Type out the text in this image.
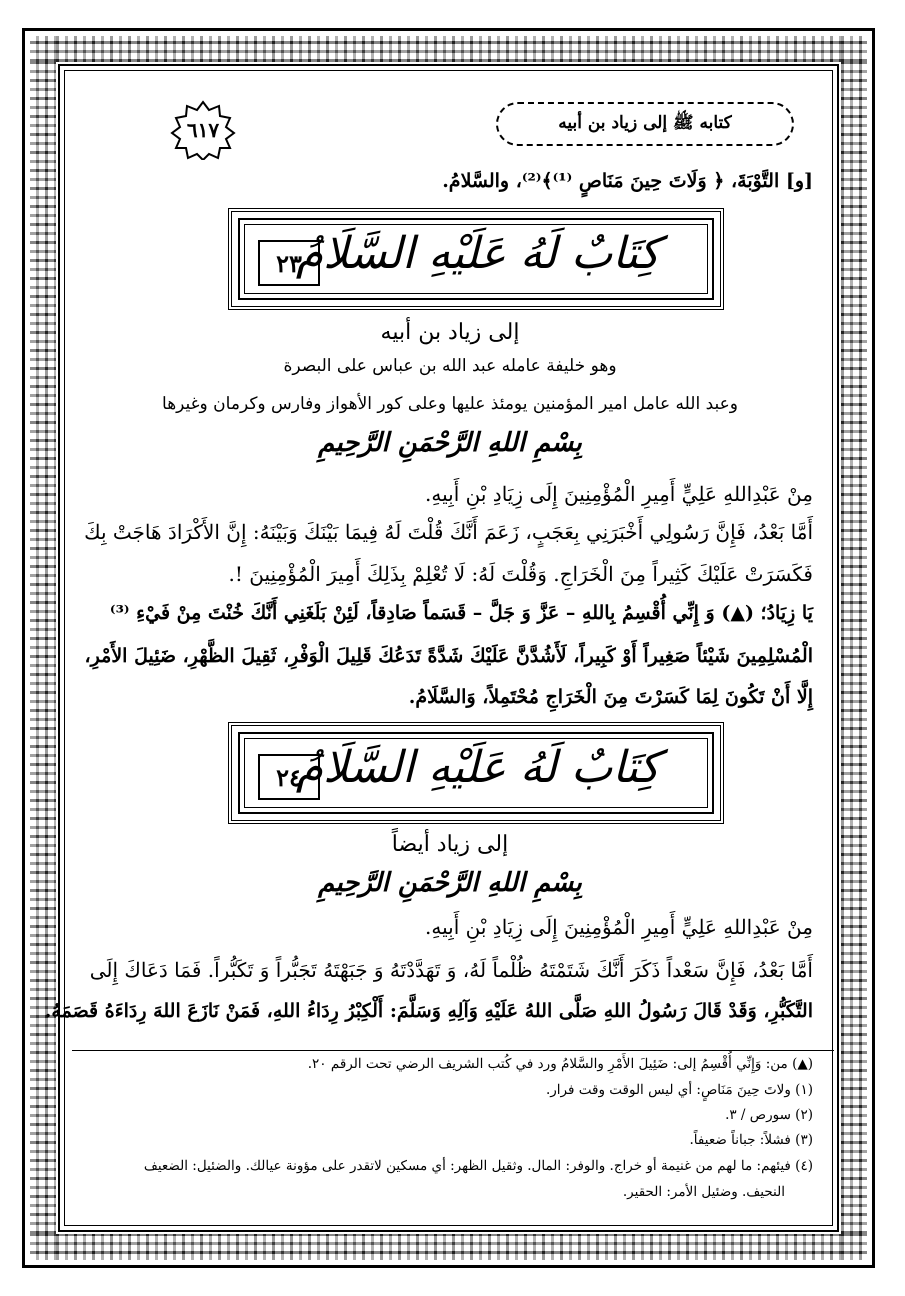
كتابه ﷺ إلى زياد بن أبيه
٦١٧
[و] التَّوْبَةَ، ﴿ وَلَاتَ حِينَ مَنَاصٍ ⁽¹⁾﴾⁽²⁾، والسَّلامُ.
كِتَابٌ لَهُ عَلَيْهِ السَّلَامُ
٢٣
إلى زياد بن أبيه
وهو خليفة عامله عبد الله بن عباس على البصرة
وعبد الله عامل امير المؤمنين يومئذ عليها وعلى كور الأهواز وفارس وكرمان وغيرها
بِسْمِ اللهِ الرَّحْمَنِ الرَّحِيمِ
مِنْ عَبْدِاللهِ عَلِيٍّ أَمِيرِ الْمُؤْمِنِينَ إِلَى زِيَادِ بْنِ أَبِيهِ.
أَمَّا بَعْدُ، فَإِنَّ رَسُولِي أَخْبَرَنِي بِعَجَبٍ، زَعَمَ أَنَّكَ قُلْتَ لَهُ فِيمَا بَيْنَكَ وَبَيْنَهُ: إِنَّ الأَكْرَادَ هَاجَتْ بِكَ
فَكَسَرَتْ عَلَيْكَ كَثِيراً مِنَ الْخَرَاجِ. وَقُلْتَ لَهُ: لَا تُعْلِمْ بِذَلِكَ أَمِيرَ الْمُؤْمِنِينَ !.
يَا زِيَادُ؛ (▲) وَ إِنِّي أُقْسِمُ بِاللهِ – عَزَّ وَ جَلَّ – قَسَماً صَادِقاً، لَئِنْ بَلَغَنِي أَنَّكَ خُنْتَ مِنْ فَيْءِ ⁽³⁾
الْمُسْلِمِينَ شَيْئاً صَغِيراً أَوْ كَبِيراً، لَأَشُدَّنَّ عَلَيْكَ شَدَّةً تَدَعُكَ قَلِيلَ الْوَفْرِ، ثَقِيلَ الظَّهْرِ، ضَئِيلَ الأَمْرِ،
إِلَّا أَنْ تَكُونَ لِمَا كَسَرْتَ مِنَ الْخَرَاجِ مُحْتَمِلاً، وَالسَّلَامُ.
كِتَابٌ لَهُ عَلَيْهِ السَّلَامُ
٢٤
إلى زياد أيضاً
بِسْمِ اللهِ الرَّحْمَنِ الرَّحِيمِ
مِنْ عَبْدِاللهِ عَلِيٍّ أَمِيرِ الْمُؤْمِنِينَ إِلَى زِيَادِ بْنِ أَبِيهِ.
أَمَّا بَعْدُ، فَإِنَّ سَعْداً ذَكَرَ أَنَّكَ شَتَمْتَهُ ظُلْماً لَهُ، وَ تَهَدَّدْتَهُ وَ جَبَهْتَهُ تَجَبُّراً وَ تَكَبُّراً. فَمَا دَعَاكَ إِلَى
التَّكَبُّرِ، وَقَدْ قَالَ رَسُولُ اللهِ صَلَّى اللهُ عَلَيْهِ وَآلِهِ وَسَلَّمَ: أَلْكِبْرُ رِدَاءُ اللهِ، فَمَنْ نَازَعَ اللهَ رِدَاءَهُ قَصَمَهُ.
(▲) من: وَإِنِّي أُقْسِمُ إلى: ضَئِيلَ الأَمْرِ والسَّلامُ ورد في كُتب الشريف الرضي تحت الرقم ٢٠.
(١) ولاتَ حِينَ مَنَاصٍ: أي ليس الوقت وقت فرار.
(٢) سورص / ٣.
(٣) فشلاً: جباناً ضعيفاً.
(٤) فيئهم: ما لهم من غنيمة أو خراج. والوفر: المال. وثقيل الظهر: أي مسكين لاتقدر على مؤونة عيالك. والضئيل: الضعيف
النحيف. وضئيل الأمر: الحقير.
